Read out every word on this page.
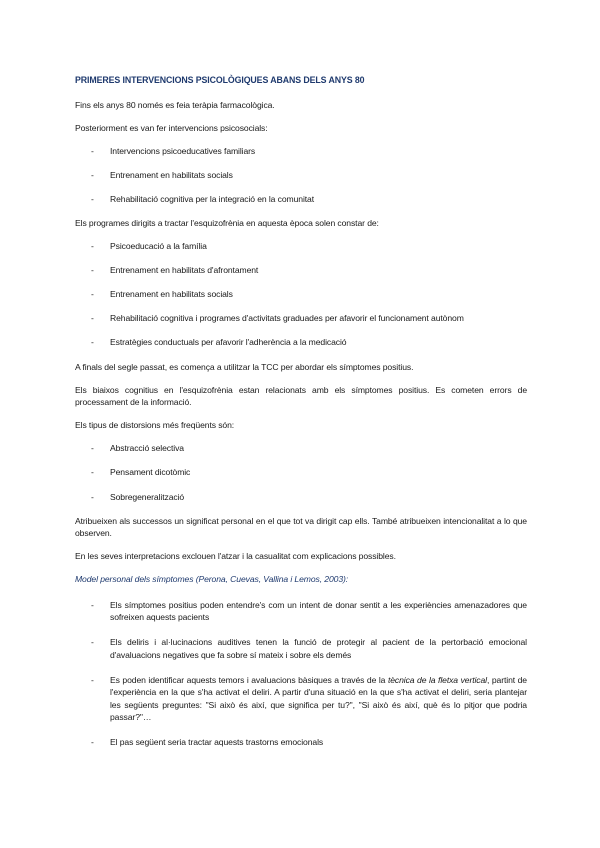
PRIMERES INTERVENCIONS PSICOLÒGIQUES ABANS DELS ANYS 80

Fins els anys 80 només es feia teràpia farmacològica.

Posteriorment es van fer intervencions psicosocials:

- Intervencions psicoeducatives familiars
- Entrenament en habilitats socials
- Rehabilitació cognitiva per la integració en la comunitat

Els programes dirigits a tractar l'esquizofrènia en aquesta època solen constar de:

- Psicoeducació a la família
- Entrenament en habilitats d'afrontament
- Entrenament en habilitats socials
- Rehabilitació cognitiva i programes d'activitats graduades per afavorir el funcionament autònom
- Estratègies conductuals per afavorir l'adherència a la medicació

A finals del segle passat, es comença a utilitzar la TCC per abordar els símptomes positius.

Els biaixos cognitius en l'esquizofrènia estan relacionats amb els símptomes positius. Es cometen errors de processament de la informació.

Els tipus de distorsions més freqüents són:

- Abstracció selectiva
- Pensament dicotòmic
- Sobregeneralització

Atribueixen als successos un significat personal en el que tot va dirigit cap ells. També atribueixen intencionalitat a lo que observen.

En les seves interpretacions exclouen l'atzar i la casualitat com explicacions possibles.

Model personal dels símptomes (Perona, Cuevas, Vallina i Lemos, 2003):
- Els símptomes positius poden entendre's com un intent de donar sentit a les experiències amenazadores que sofreixen aquests pacients
- Els deliris i al·lucinacions auditives tenen la funció de protegir al pacient de la pertorbació emocional d'avaluacions negatives que fa sobre sí mateix i sobre els demés
- Es poden identificar aquests temors i avaluacions bàsiques a través de la tècnica de la fletxa vertical, partint de l'experiència en la que s'ha activat el deliri. A partir d'una situació en la que s'ha activat el deliri, seria plantejar les següents preguntes: "Si això és així, que significa per tu?", "Si això és així, què és lo pitjor que podria passar?"…
- El pas següent seria tractar aquests trastorns emocionals
